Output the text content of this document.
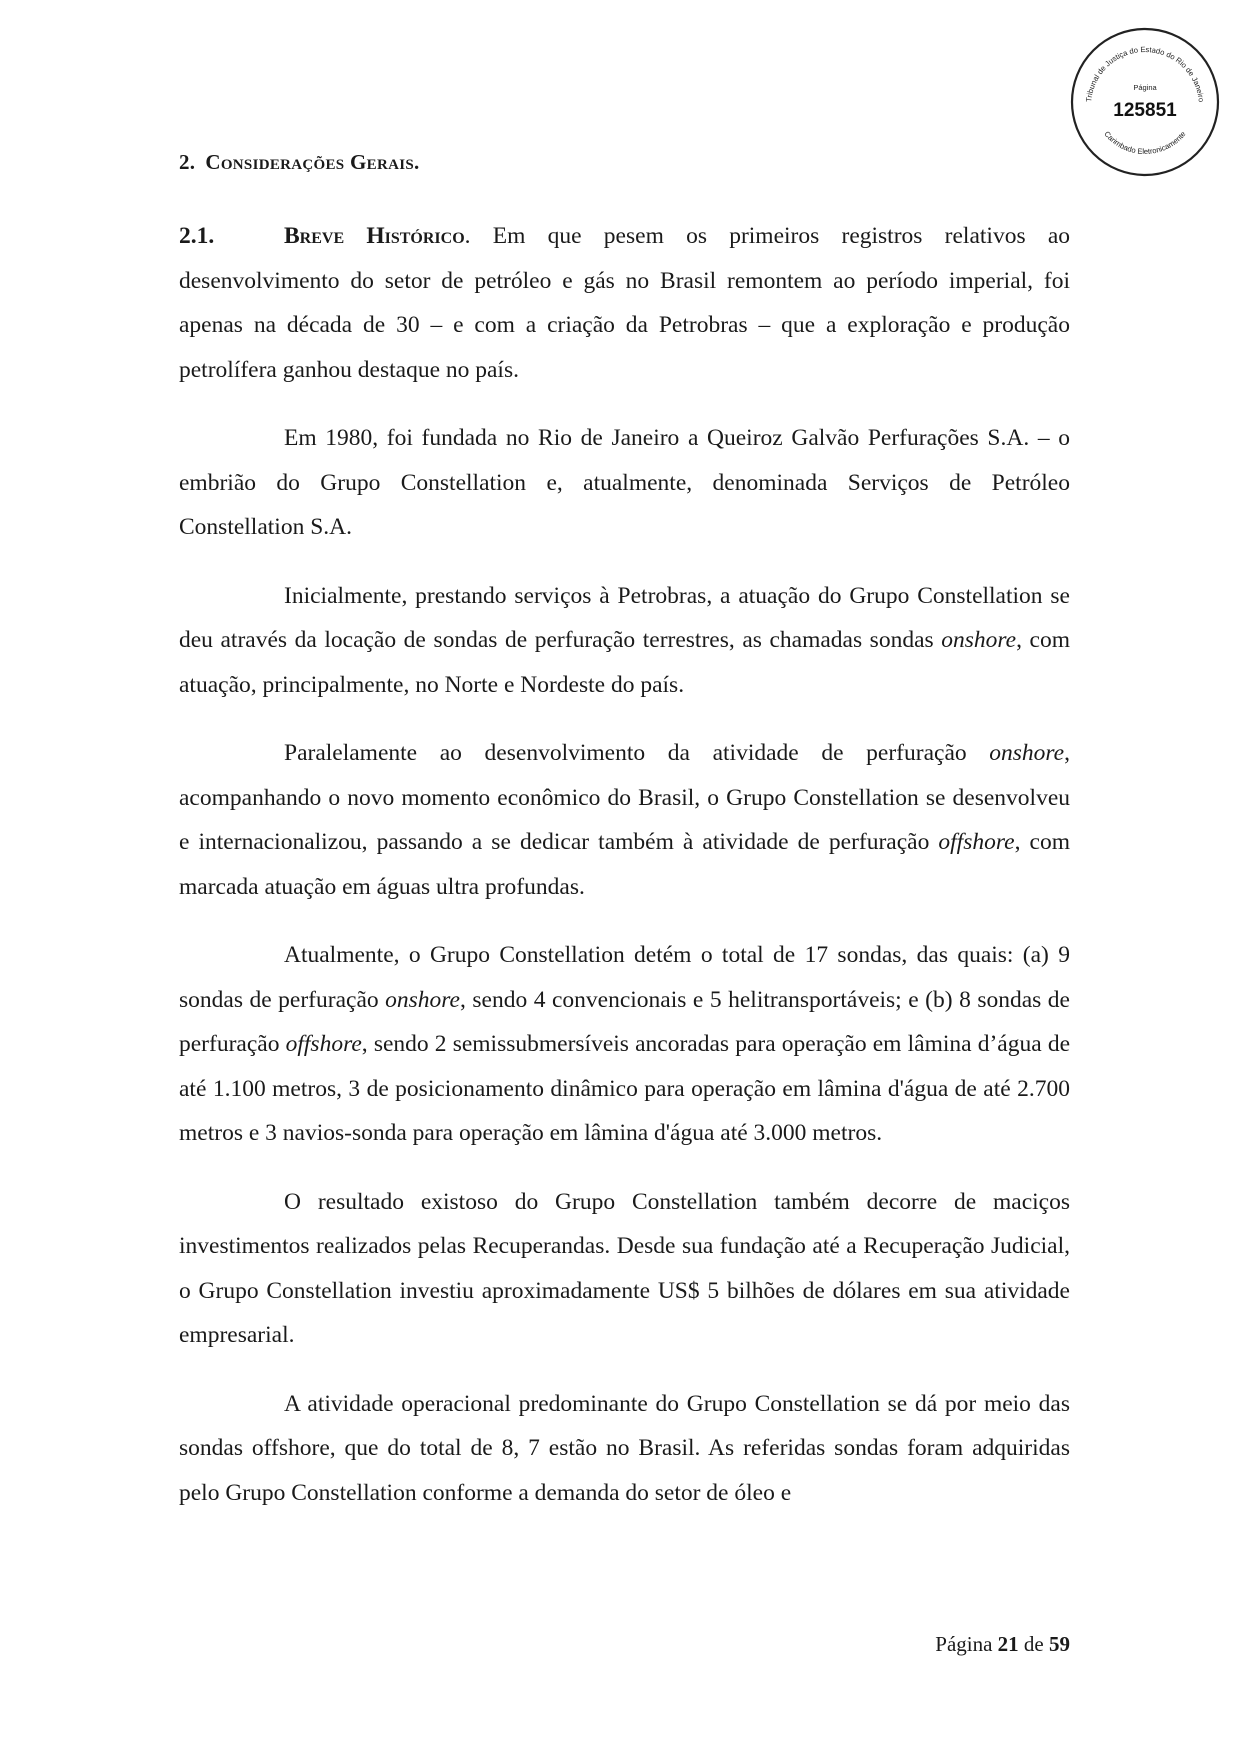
Tribunal de Justiça do Estado do Rio de Janeiro
Página
125851
Carimbado Eletronicamente
2. Considerações Gerais.

2.1.	Breve Histórico. Em que pesem os primeiros registros relativos ao desenvolvimento do setor de petróleo e gás no Brasil remontem ao período imperial, foi apenas na década de 30 – e com a criação da Petrobras – que a exploração e produção petrolífera ganhou destaque no país.

Em 1980, foi fundada no Rio de Janeiro a Queiroz Galvão Perfurações S.A. – o embrião do Grupo Constellation e, atualmente, denominada Serviços de Petróleo Constellation S.A.

Inicialmente, prestando serviços à Petrobras, a atuação do Grupo Constellation se deu através da locação de sondas de perfuração terrestres, as chamadas sondas onshore, com atuação, principalmente, no Norte e Nordeste do país.

Paralelamente ao desenvolvimento da atividade de perfuração onshore, acompanhando o novo momento econômico do Brasil, o Grupo Constellation se desenvolveu e internacionalizou, passando a se dedicar também à atividade de perfuração offshore, com marcada atuação em águas ultra profundas.

Atualmente, o Grupo Constellation detém o total de 17 sondas, das quais: (a) 9 sondas de perfuração onshore, sendo 4 convencionais e 5 helitransportáveis; e (b) 8 sondas de perfuração offshore, sendo 2 semissubmersíveis ancoradas para operação em lâmina d’água de até 1.100 metros, 3 de posicionamento dinâmico para operação em lâmina d'água de até 2.700 metros e 3 navios-sonda para operação em lâmina d'água até 3.000 metros.

O resultado existoso do Grupo Constellation também decorre de maciços investimentos realizados pelas Recuperandas. Desde sua fundação até a Recuperação Judicial, o Grupo Constellation investiu aproximadamente US$ 5 bilhões de dólares em sua atividade empresarial.

A atividade operacional predominante do Grupo Constellation se dá por meio das sondas offshore, que do total de 8, 7 estão no Brasil. As referidas sondas foram adquiridas pelo Grupo Constellation conforme a demanda do setor de óleo e

Página 21 de 59
